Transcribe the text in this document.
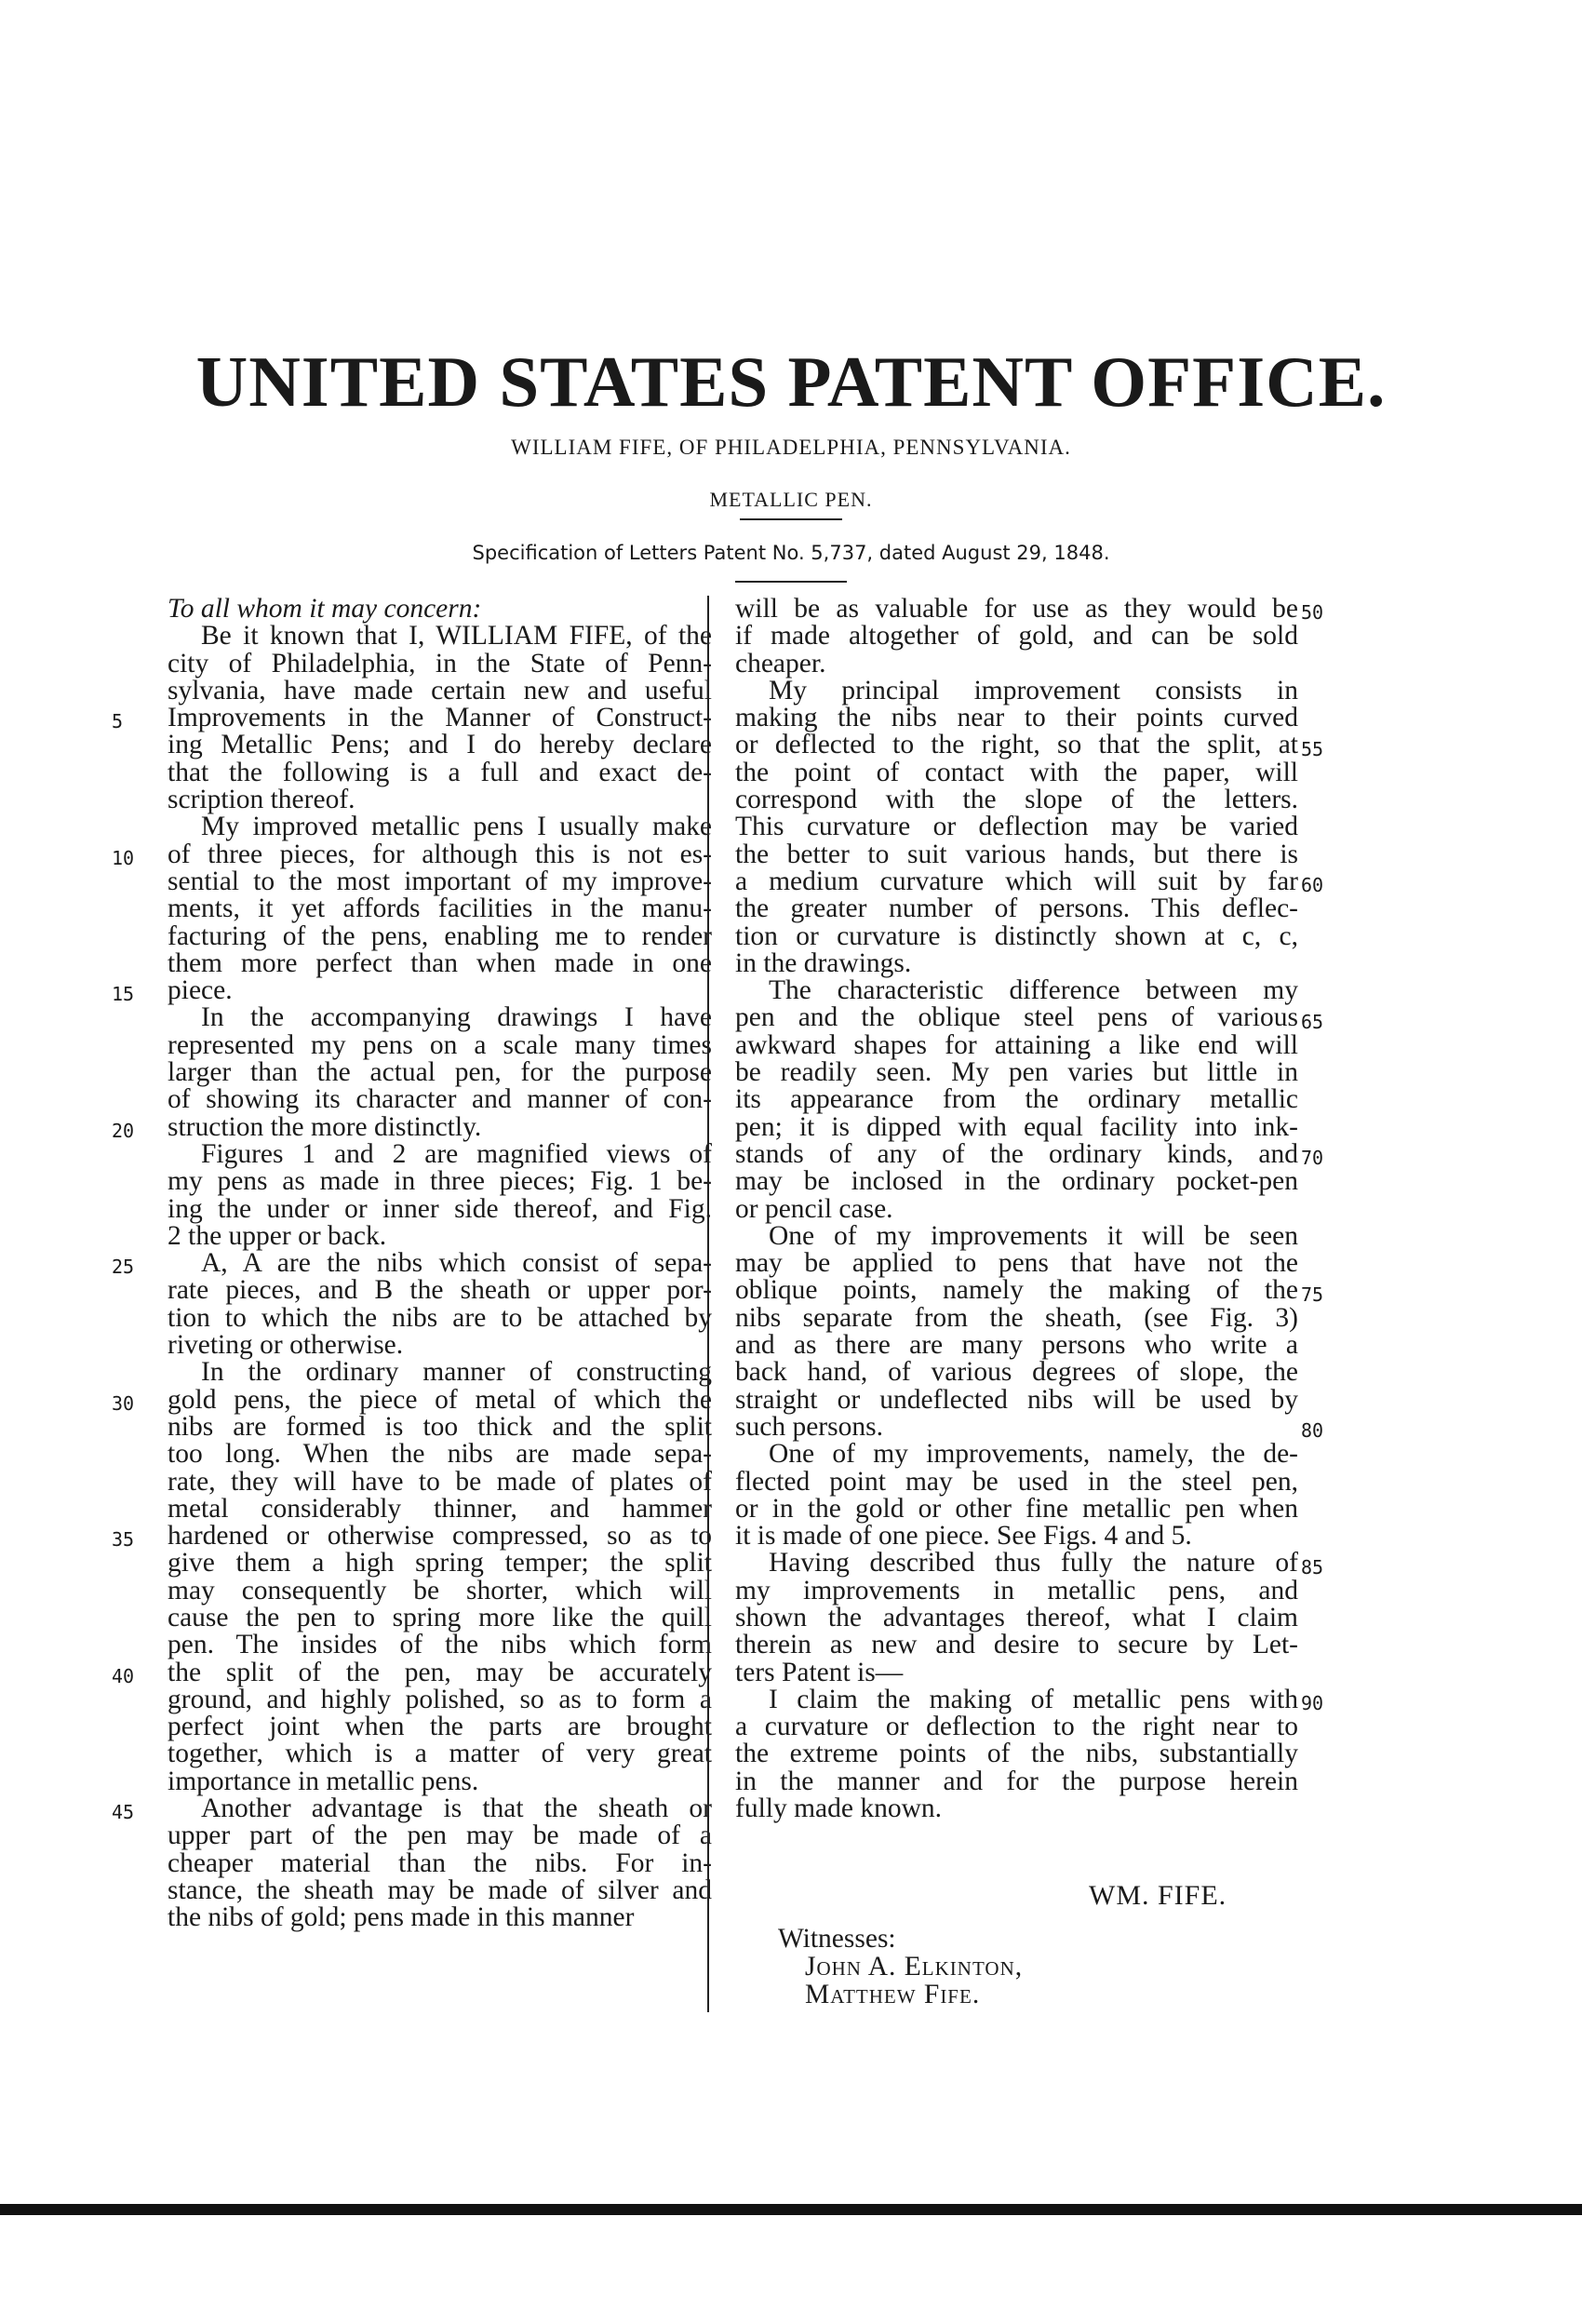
UNITED STATES PATENT OFFICE.
WILLIAM FIFE, OF PHILADELPHIA, PENNSYLVANIA.
METALLIC PEN.
Specification of Letters Patent No. 5,737, dated August 29, 1848.
5
10
15
20
25
30
35
40
45
To all whom it may concern:
Be it known that I, WILLIAM FIFE, of the
city of Philadelphia, in the State of Penn-
sylvania, have made certain new and useful
Improvements in the Manner of Construct-
ing Metallic Pens; and I do hereby declare
that the following is a full and exact de-
scription thereof.
My improved metallic pens I usually make
of three pieces, for although this is not es-
sential to the most important of my improve-
ments, it yet affords facilities in the manu-
facturing of the pens, enabling me to render
them more perfect than when made in one
piece.
In the accompanying drawings I have
represented my pens on a scale many times
larger than the actual pen, for the purpose
of showing its character and manner of con-
struction the more distinctly.
Figures 1 and 2 are magnified views of
my pens as made in three pieces; Fig. 1 be-
ing the under or inner side thereof, and Fig.
2 the upper or back.
A, A are the nibs which consist of sepa-
rate pieces, and B the sheath or upper por-
tion to which the nibs are to be attached by
riveting or otherwise.
In the ordinary manner of constructing
gold pens, the piece of metal of which the
nibs are formed is too thick and the split
too long. When the nibs are made sepa-
rate, they will have to be made of plates of
metal considerably thinner, and hammer
hardened or otherwise compressed, so as to
give them a high spring temper; the split
may consequently be shorter, which will
cause the pen to spring more like the quill
pen. The insides of the nibs which form
the split of the pen, may be accurately
ground, and highly polished, so as to form a
perfect joint when the parts are brought
together, which is a matter of very great
importance in metallic pens.
Another advantage is that the sheath or
upper part of the pen may be made of a
cheaper material than the nibs. For in-
stance, the sheath may be made of silver and
the nibs of gold; pens made in this manner
will be as valuable for use as they would be
if made altogether of gold, and can be sold
cheaper.
My principal improvement consists in
making the nibs near to their points curved
or deflected to the right, so that the split, at
the point of contact with the paper, will
correspond with the slope of the letters.
This curvature or deflection may be varied
the better to suit various hands, but there is
a medium curvature which will suit by far
the greater number of persons. This deflec-
tion or curvature is distinctly shown at c, c,
in the drawings.
The characteristic difference between my
pen and the oblique steel pens of various
awkward shapes for attaining a like end will
be readily seen. My pen varies but little in
its appearance from the ordinary metallic
pen; it is dipped with equal facility into ink-
stands of any of the ordinary kinds, and
may be inclosed in the ordinary pocket-pen
or pencil case.
One of my improvements it will be seen
may be applied to pens that have not the
oblique points, namely the making of the
nibs separate from the sheath, (see Fig. 3)
and as there are many persons who write a
back hand, of various degrees of slope, the
straight or undeflected nibs will be used by
such persons.
One of my improvements, namely, the de-
flected point may be used in the steel pen,
or in the gold or other fine metallic pen when
it is made of one piece. See Figs. 4 and 5.
Having described thus fully the nature of
my improvements in metallic pens, and
shown the advantages thereof, what I claim
therein as new and desire to secure by Let-
ters Patent is—
I claim the making of metallic pens with
a curvature or deflection to the right near to
the extreme points of the nibs, substantially
in the manner and for the purpose herein
fully made known.
50
55
60
65
70
75
80
85
90
WM. FIFE.
Witnesses:
John A. Elkinton,
Matthew Fife.
